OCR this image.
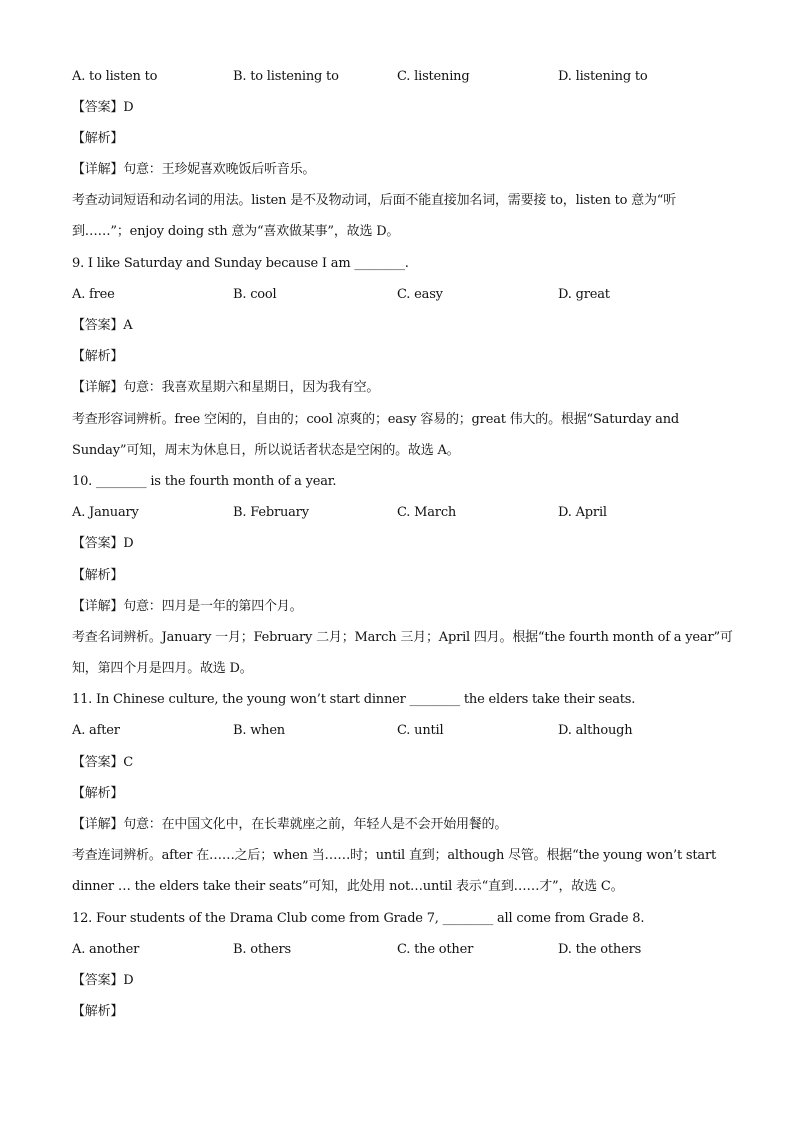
A. to listen to	B. to listening to	C. listening	D. listening to
【答案】D
【解析】
【详解】句意：王珍妮喜欢晚饭后听音乐。
考查动词短语和动名词的用法。listen 是不及物动词，后面不能直接加名词，需要接 to，listen to 意为“听
到……”；enjoy doing sth 意为“喜欢做某事”，故选 D。
9. I like Saturday and Sunday because I am ________.
A. free	B. cool	C. easy	D. great
【答案】A
【解析】
【详解】句意：我喜欢星期六和星期日，因为我有空。
考查形容词辨析。free 空闲的，自由的；cool 凉爽的；easy 容易的；great 伟大的。根据“Saturday and
Sunday”可知，周末为休息日，所以说话者状态是空闲的。故选 A。
10. ________ is the fourth month of a year.
A. January	B. February	C. March	D. April
【答案】D
【解析】
【详解】句意：四月是一年的第四个月。
考查名词辨析。January 一月；February 二月；March 三月；April 四月。根据“the fourth month of a year”可
知，第四个月是四月。故选 D。
11. In Chinese culture, the young won’t start dinner ________ the elders take their seats.
A. after	B. when	C. until	D. although
【答案】C
【解析】
【详解】句意：在中国文化中，在长辈就座之前，年轻人是不会开始用餐的。
考查连词辨析。after 在……之后；when 当……时；until 直到；although 尽管。根据“the young won’t start
dinner … the elders take their seats”可知，此处用 not…until 表示“直到……才”，故选 C。
12. Four students of the Drama Club come from Grade 7, ________ all come from Grade 8.
A. another	B. others	C. the other	D. the others
【答案】D
【解析】
